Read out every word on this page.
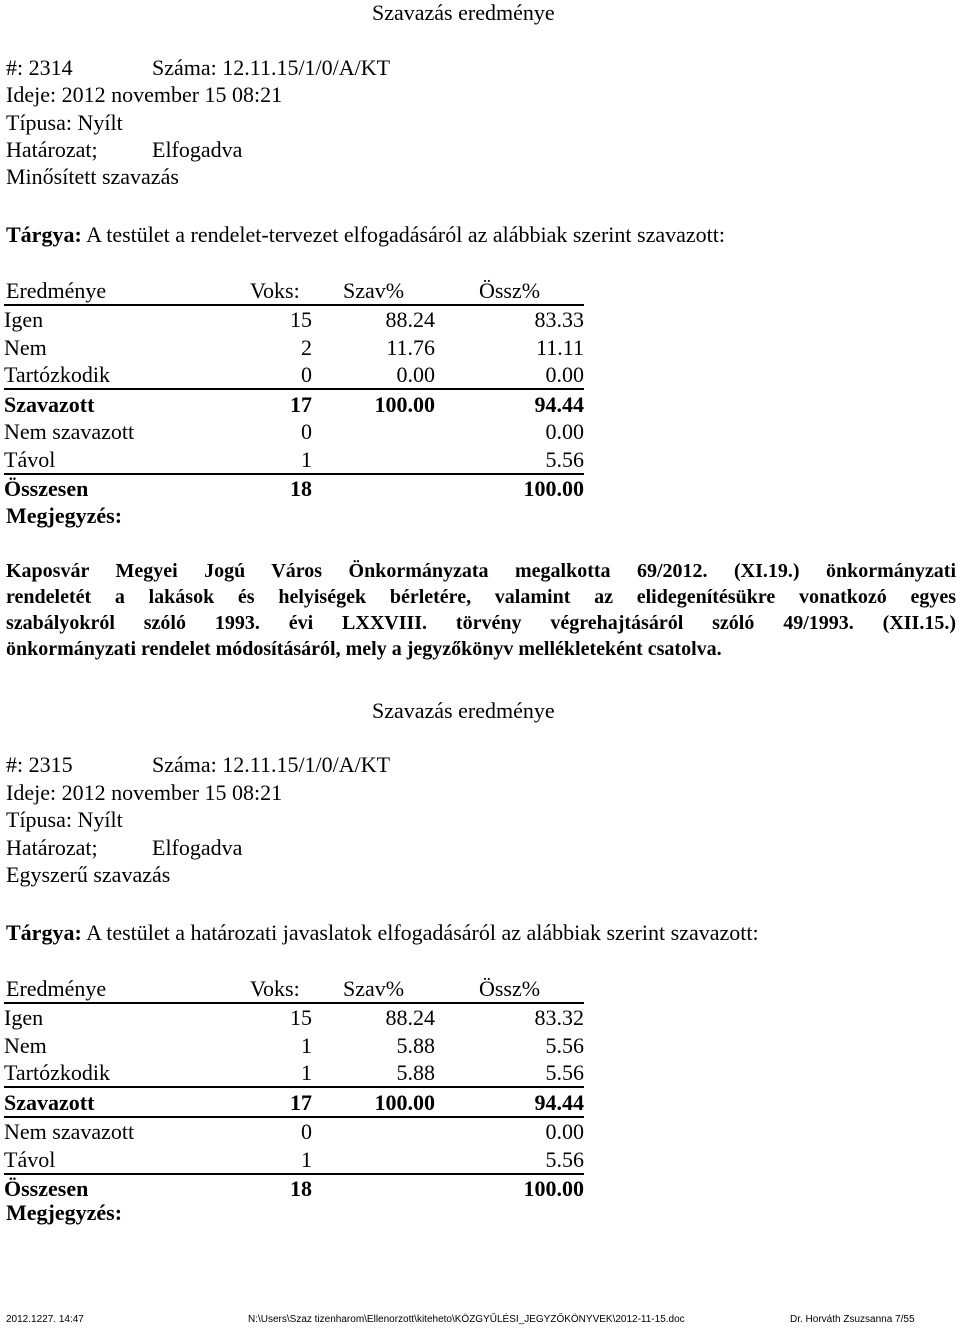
Szavazás eredménye
#: 2314	Száma: 12.11.15/1/0/A/KT
Ideje: 2012 november 15 08:21
Típusa: Nyílt
Határozat; Elfogadva
Minősített szavazás
Tárgya: A testület a rendelet-tervezet elfogadásáról az alábbiak szerint szavazott:
Eredménye	Voks:	Szav%	Össz%
Igen	15	88.24	83.33
Nem	2	11.76	11.11
Tartózkodik	0	0.00	0.00
Szavazott	17	100.00	94.44
Nem szavazott	0		0.00
Távol	1		5.56
Összesen	18		100.00
Megjegyzés:
Kaposvár Megyei Jogú Város Önkormányzata megalkotta 69/2012. (XI.19.) önkormányzati
rendeletét a lakások és helyiségek bérletére, valamint az elidegenítésükre vonatkozó egyes
szabályokról szóló 1993. évi LXXVIII. törvény végrehajtásáról szóló 49/1993. (XII.15.)
önkormányzati rendelet módosításáról, mely a jegyzőkönyv mellékleteként csatolva.
Szavazás eredménye
#: 2315	Száma: 12.11.15/1/0/A/KT
Ideje: 2012 november 15 08:21
Típusa: Nyílt
Határozat; Elfogadva
Egyszerű szavazás
Tárgya: A testület a határozati javaslatok elfogadásáról az alábbiak szerint szavazott:
Eredménye	Voks:	Szav%	Össz%
Igen	15	88.24	83.32
Nem	1	5.88	5.56
Tartózkodik	1	5.88	5.56
Szavazott	17	100.00	94.44
Nem szavazott	0		0.00
Távol	1		5.56
Összesen	18		100.00
Megjegyzés:
2012.1227. 14:47	N:\Users\Szaz tizenharom\Ellenorzott\kiteheto\KÖZGYŰLÉSI_JEGYZŐKÖNYVEK\2012-11-15.doc	Dr. Horváth Zsuzsanna 7/55
